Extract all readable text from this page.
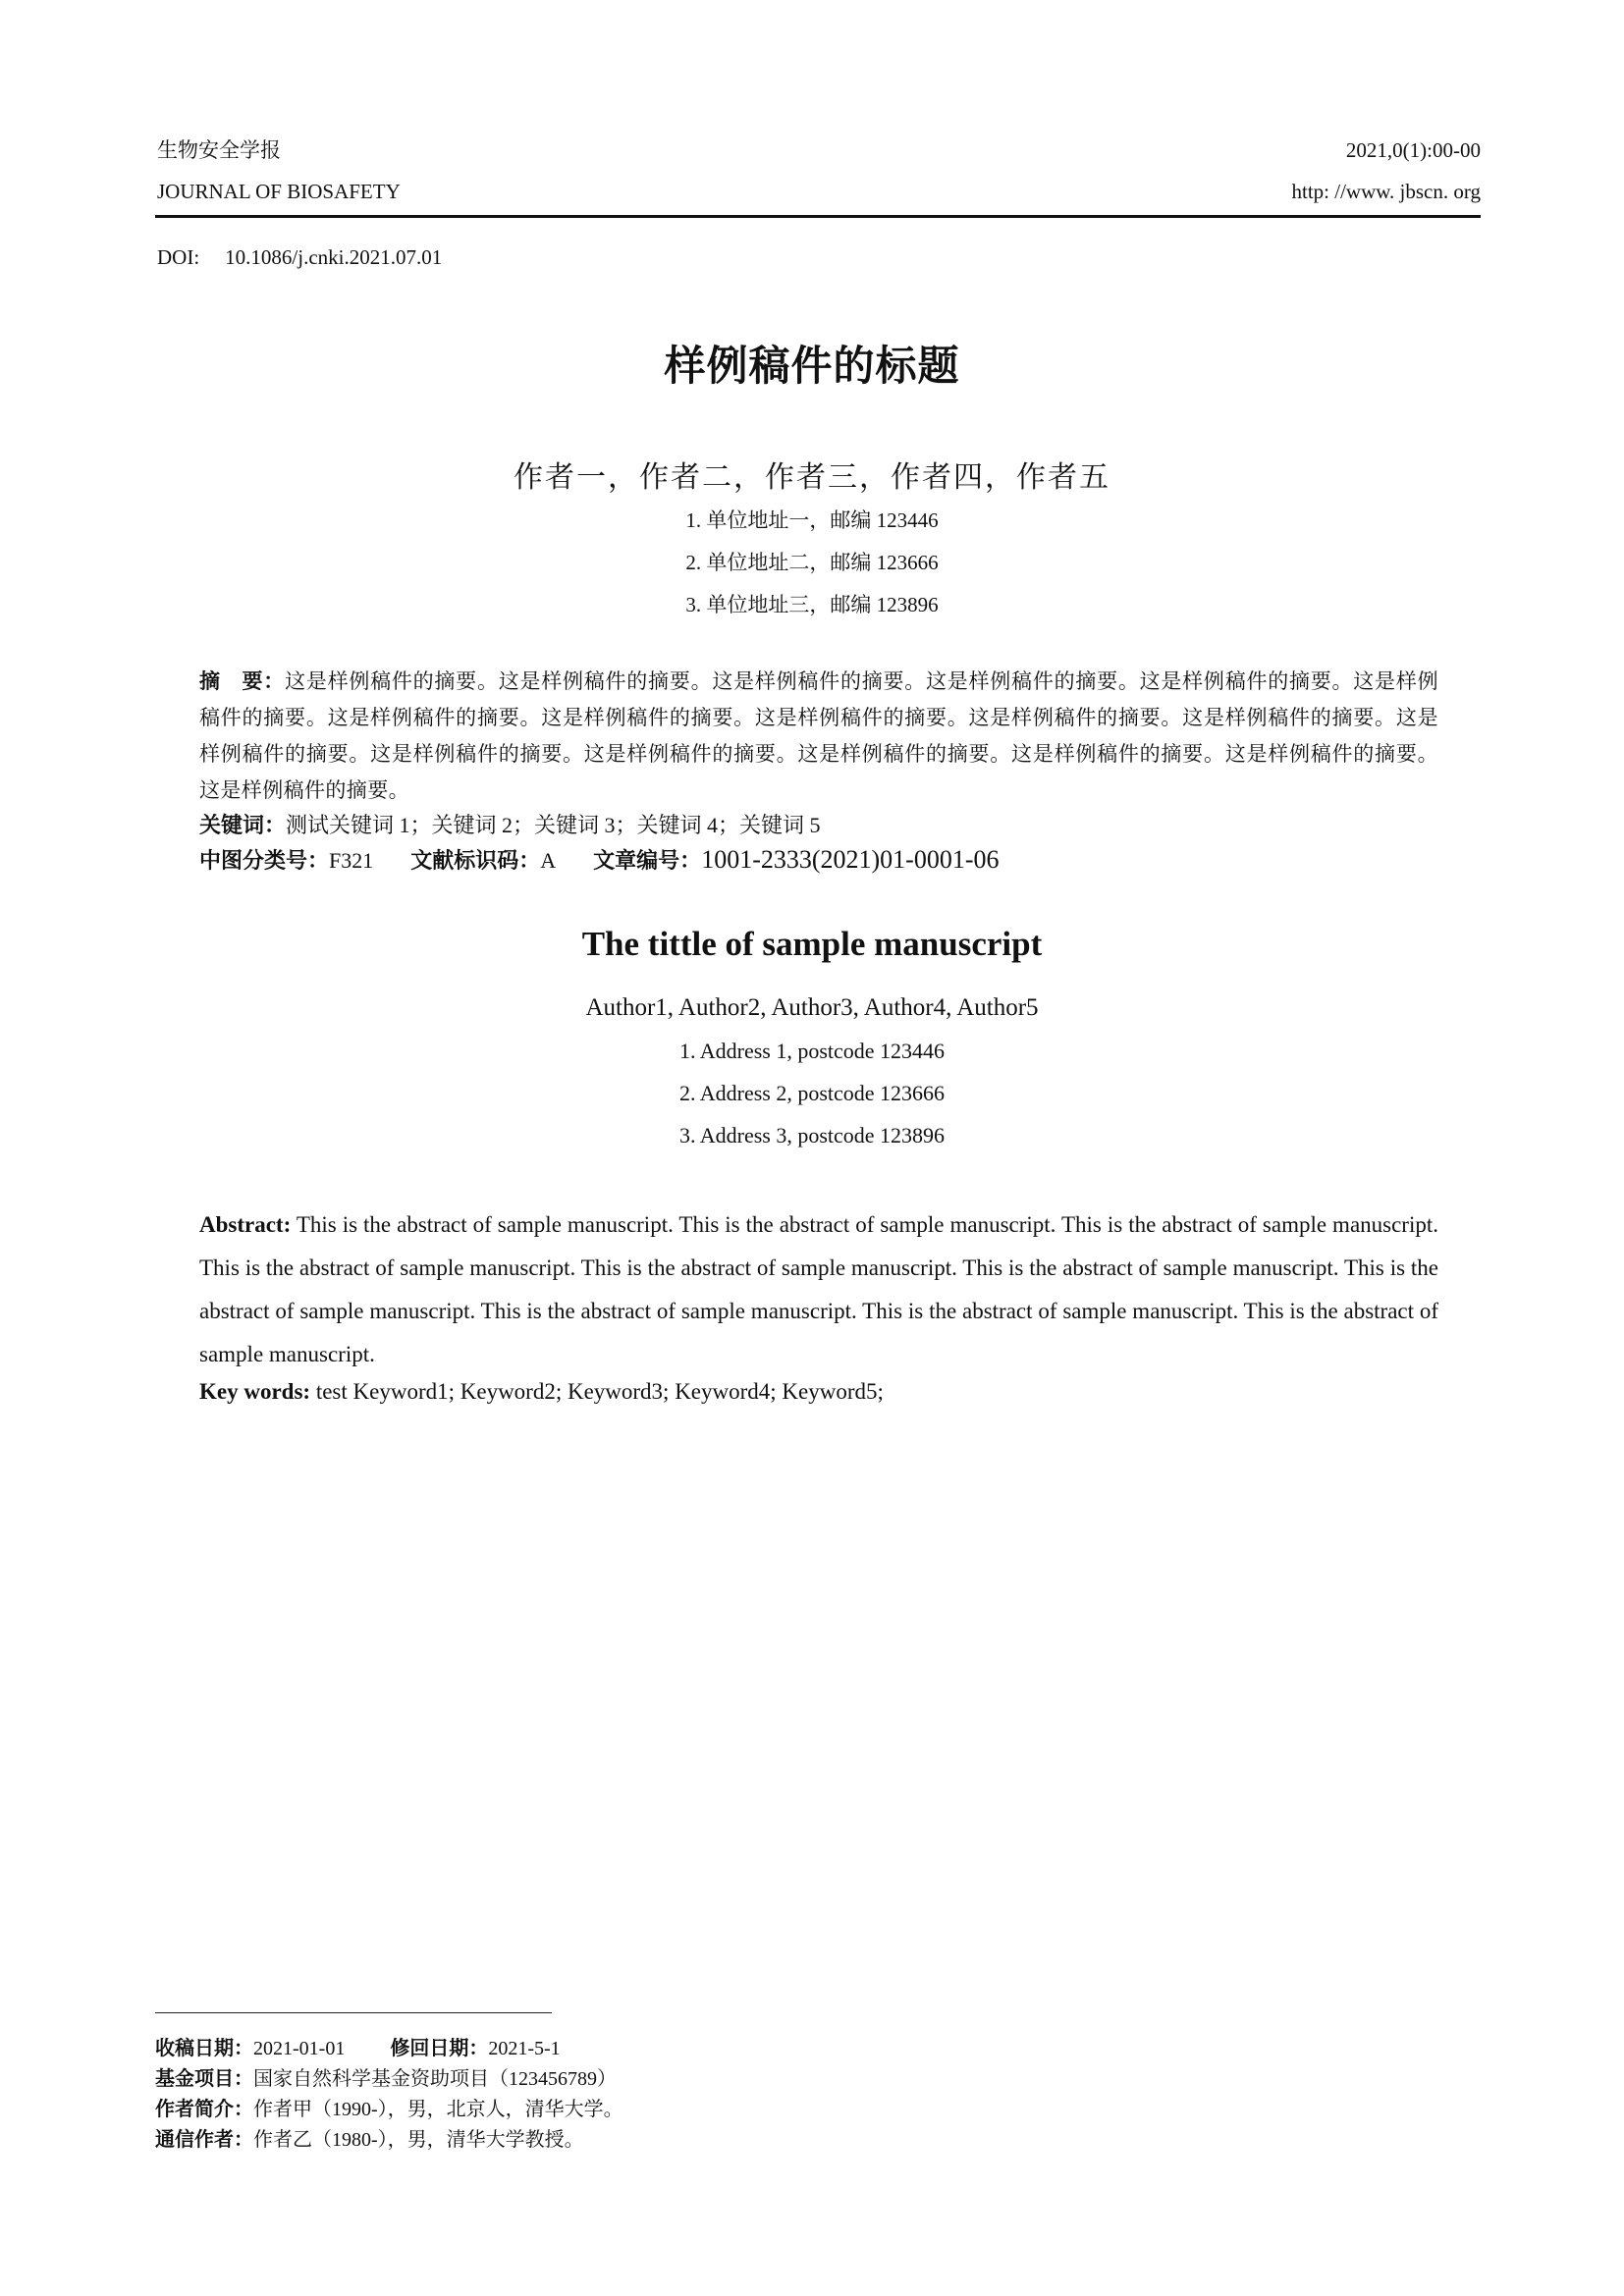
生物安全学报
JOURNAL OF BIOSAFETY
2021,0(1):00-00
http: //www. jbscn. org
DOI: 10.1086/j.cnki.2021.07.01
样例稿件的标题
作者一，作者二，作者三，作者四，作者五
1. 单位地址一，邮编 123446
2. 单位地址二，邮编 123666
3. 单位地址三，邮编 123896
摘　要：这是样例稿件的摘要。这是样例稿件的摘要。这是样例稿件的摘要。这是样例稿件的摘要。这是样例稿件的摘要。这是样例稿件的摘要。这是样例稿件的摘要。这是样例稿件的摘要。这是样例稿件的摘要。这是样例稿件的摘要。这是样例稿件的摘要。这是样例稿件的摘要。这是样例稿件的摘要。这是样例稿件的摘要。这是样例稿件的摘要。这是样例稿件的摘要。这是样例稿件的摘要。这是样例稿件的摘要。
关键词：测试关键词 1；关键词 2；关键词 3；关键词 4；关键词 5
中图分类号：F321 文献标识码：A 文章编号：1001-2333(2021)01-0001-06
The tittle of sample manuscript
Author1, Author2, Author3, Author4, Author5
1. Address 1, postcode 123446
2. Address 2, postcode 123666
3. Address 3, postcode 123896
Abstract: This is the abstract of sample manuscript. This is the abstract of sample manuscript. This is the abstract of sample manuscript. This is the abstract of sample manuscript. This is the abstract of sample manuscript. This is the abstract of sample manuscript. This is the abstract of sample manuscript. This is the abstract of sample manuscript. This is the abstract of sample manuscript. This is the abstract of sample manuscript.
Key words: test Keyword1; Keyword2; Keyword3; Keyword4; Keyword5;
收稿日期：2021-01-01 修回日期：2021-5-1
基金项目：国家自然科学基金资助项目（123456789）
作者简介：作者甲（1990-），男，北京人，清华大学。
通信作者：作者乙（1980-），男，清华大学教授。
